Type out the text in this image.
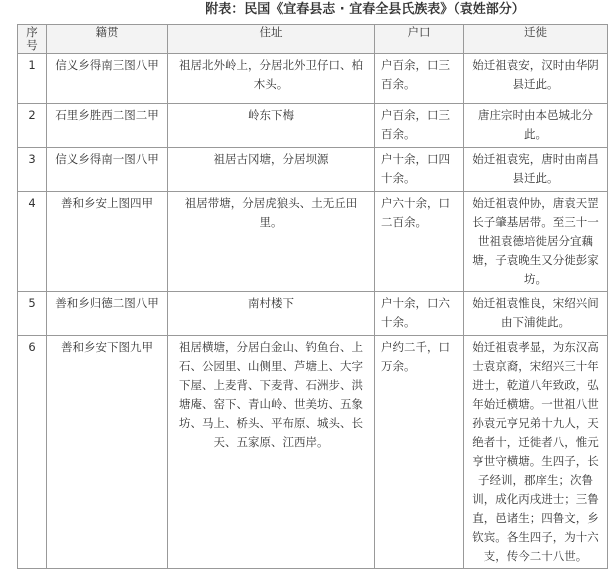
附表：民国《宜春县志 · 宜春全县氏族表》（袁姓部分）
序号	籍贯	住址	户口	迁徙
1	信义乡得南三图八甲	祖居北外岭上，分居北外卫仔口、柏木头。	户百余，口三百余。	始迁祖袁安，汉时由华阴县迁此。
2	石里乡胜西二图二甲	岭东下梅	户百余，口三百余。	唐庄宗时由本邑城北分此。
3	信义乡得南一图八甲	祖居古冈塘，分居坝源	户十余，口四十余。	始迁祖袁宪，唐时由南昌县迁此。
4	善和乡安上图四甲	祖居带塘，分居虎狼头、土无丘田里。	户六十余，口二百余。	始迁祖袁仲协，唐袁天罡长子肇基居带。至三十一世祖袁德培徙居分宜藕塘，子袁晚生又分徙彭家坊。
5	善和乡归德二图八甲	南村楼下	户十余，口六十余。	始迁祖袁惟良，宋绍兴间由下浦徙此。
6	善和乡安下图九甲	祖居横塘，分居白金山、钓鱼台、上石、公园里、山侧里、芦塘上、大字下屋、上麦背、下麦背、石洲步、洪塘庵、窑下、青山岭、世美坊、五象坊、马上、桥头、平布原、城头、长天、五家原、江西岸。	户约二千，口万余。	始迁祖袁孝显，为东汉高士袁京裔，宋绍兴三十年进士，乾道八年致政，弘年始迁横塘。一世祖八世孙袁元亨兄弟十九人，天绝者十，迁徙者八，惟元亨世守横塘。生四子，长子经训，郡庠生；次鲁训，成化丙戌进士；三鲁直，邑诸生；四鲁文，乡钦宾。各生四子，为十六支，传今二十八世。
